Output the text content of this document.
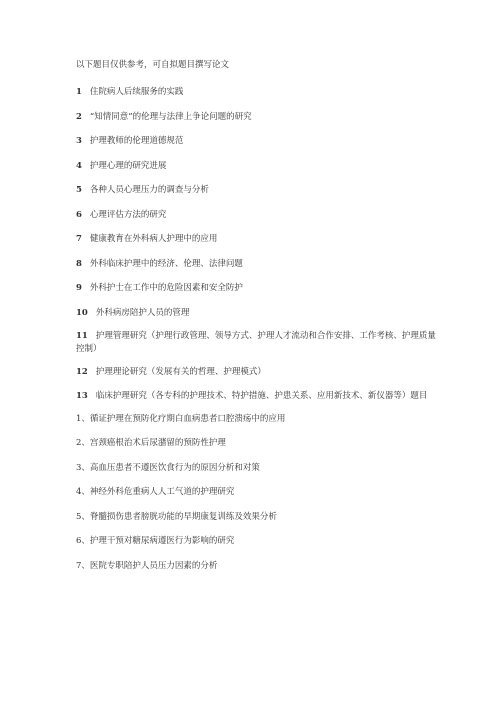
以下题目仅供参考，可自拟题目撰写论文
1 住院病人后续服务的实践
2 “知情同意”的伦理与法律上争论问题的研究
3 护理教师的伦理道德规范
4 护理心理的研究进展
5 各种人员心理压力的调查与分析
6 心理评估方法的研究
7 健康教育在外科病人护理中的应用
8 外科临床护理中的经济、伦理、法律问题
9 外科护士在工作中的危险因素和安全防护
10 外科病房陪护人员的管理
11 护理管理研究（护理行政管理、领导方式、护理人才流动和合作安排、工作考核、护理质量控制）
12 护理理论研究（发展有关的哲理、护理模式）
13 临床护理研究（各专科的护理技术、特护措施、护患关系、应用新技术、新仪器等）题目
1、循证护理在预防化疗期白血病患者口腔溃疡中的应用
2、宫颈癌根治术后尿潴留的预防性护理
3、高血压患者不遵医饮食行为的原因分析和对策
4、神经外科危重病人人工气道的护理研究
5、脊髓损伤患者膀胱功能的早期康复训练及效果分析
6、护理干预对糖尿病遵医行为影响的研究
7、医院专职陪护人员压力因素的分析
